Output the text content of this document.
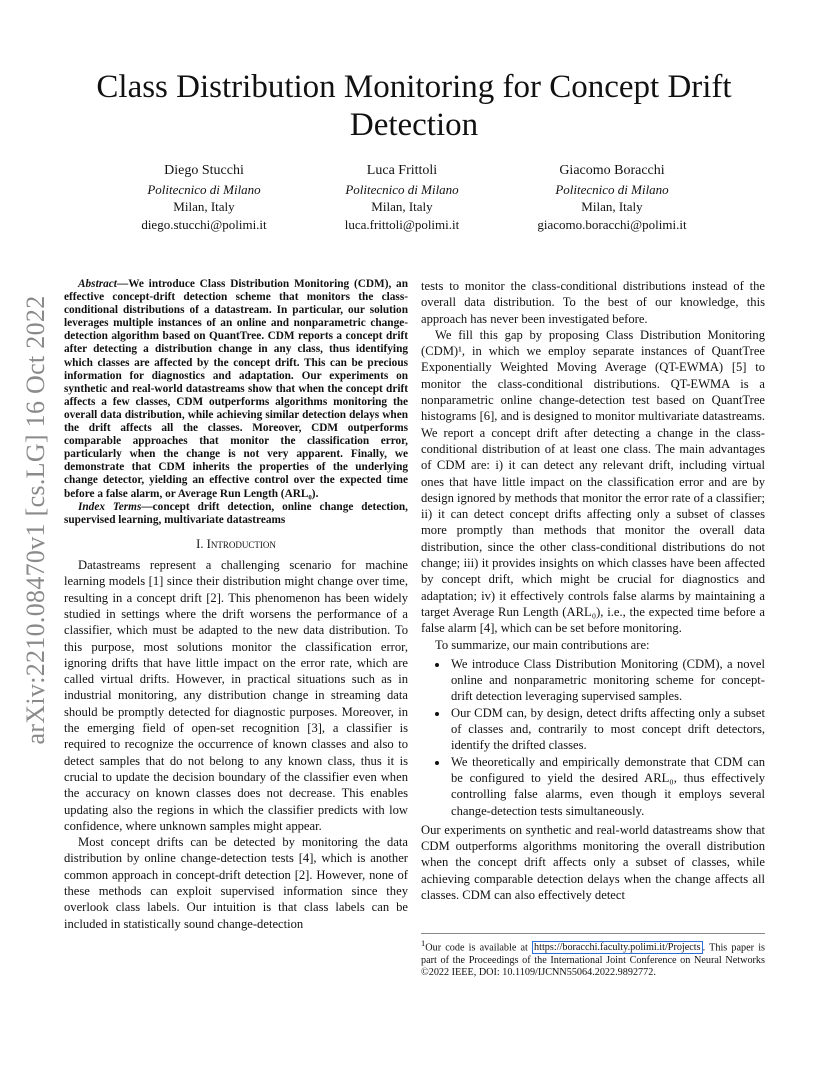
arXiv:2210.08470v1 [cs.LG] 16 Oct 2022
Class Distribution Monitoring for Concept Drift Detection
Diego Stucchi
Politecnico di Milano
Milan, Italy
diego.stucchi@polimi.it
Luca Frittoli
Politecnico di Milano
Milan, Italy
luca.frittoli@polimi.it
Giacomo Boracchi
Politecnico di Milano
Milan, Italy
giacomo.boracchi@polimi.it

Abstract—We introduce Class Distribution Monitoring (CDM), an effective concept-drift detection scheme that monitors the class-conditional distributions of a datastream. In particular, our solution leverages multiple instances of an online and nonparametric change-detection algorithm based on QuantTree. CDM reports a concept drift after detecting a distribution change in any class, thus identifying which classes are affected by the concept drift. This can be precious information for diagnostics and adaptation. Our experiments on synthetic and real-world datastreams show that when the concept drift affects a few classes, CDM outperforms algorithms monitoring the overall data distribution, while achieving similar detection delays when the drift affects all the classes. Moreover, CDM outperforms comparable approaches that monitor the classification error, particularly when the change is not very apparent. Finally, we demonstrate that CDM inherits the properties of the underlying change detector, yielding an effective control over the expected time before a false alarm, or Average Run Length (ARL₀).

Index Terms—concept drift detection, online change detection, supervised learning, multivariate datastreams

I. Introduction

Datastreams represent a challenging scenario for machine learning models [1] since their distribution might change over time, resulting in a concept drift [2]. This phenomenon has been widely studied in settings where the drift worsens the performance of a classifier, which must be adapted to the new data distribution. To this purpose, most solutions monitor the classification error, ignoring drifts that have little impact on the error rate, which are called virtual drifts. However, in practical situations such as in industrial monitoring, any distribution change in streaming data should be promptly detected for diagnostic purposes. Moreover, in the emerging field of open-set recognition [3], a classifier is required to recognize the occurrence of known classes and also to detect samples that do not belong to any known class, thus it is crucial to update the decision boundary of the classifier even when the accuracy on known classes does not decrease. This enables updating also the regions in which the classifier predicts with low confidence, where unknown samples might appear.

Most concept drifts can be detected by monitoring the data distribution by online change-detection tests [4], which is another common approach in concept-drift detection [2]. However, none of these methods can exploit supervised information since they overlook class labels. Our intuition is that class labels can be included in statistically sound change-detection

tests to monitor the class-conditional distributions instead of the overall data distribution. To the best of our knowledge, this approach has never been investigated before.

We fill this gap by proposing Class Distribution Monitoring (CDM)¹, in which we employ separate instances of QuantTree Exponentially Weighted Moving Average (QT-EWMA) [5] to monitor the class-conditional distributions. QT-EWMA is a nonparametric online change-detection test based on QuantTree histograms [6], and is designed to monitor multivariate datastreams. We report a concept drift after detecting a change in the class-conditional distribution of at least one class. The main advantages of CDM are: i) it can detect any relevant drift, including virtual ones that have little impact on the classification error and are by design ignored by methods that monitor the error rate of a classifier; ii) it can detect concept drifts affecting only a subset of classes more promptly than methods that monitor the overall data distribution, since the other class-conditional distributions do not change; iii) it provides insights on which classes have been affected by concept drift, which might be crucial for diagnostics and adaptation; iv) it effectively controls false alarms by maintaining a target Average Run Length (ARL₀), i.e., the expected time before a false alarm [4], which can be set before monitoring.

To summarize, our main contributions are:

• We introduce Class Distribution Monitoring (CDM), a novel online and nonparametric monitoring scheme for concept-drift detection leveraging supervised samples.
• Our CDM can, by design, detect drifts affecting only a subset of classes and, contrarily to most concept drift detectors, identify the drifted classes.
• We theoretically and empirically demonstrate that CDM can be configured to yield the desired ARL₀, thus effectively controlling false alarms, even though it employs several change-detection tests simultaneously.

Our experiments on synthetic and real-world datastreams show that CDM outperforms algorithms monitoring the overall distribution when the concept drift affects only a subset of classes, while achieving comparable detection delays when the change affects all classes. CDM can also effectively detect

$^1$Our code is available at https://boracchi.faculty.polimi.it/Projects . This paper is part of the Proceedings of the International Joint Conference on Neural Networks ©2022 IEEE, DOI: 10.1109/IJCNN55064.2022.9892772.
